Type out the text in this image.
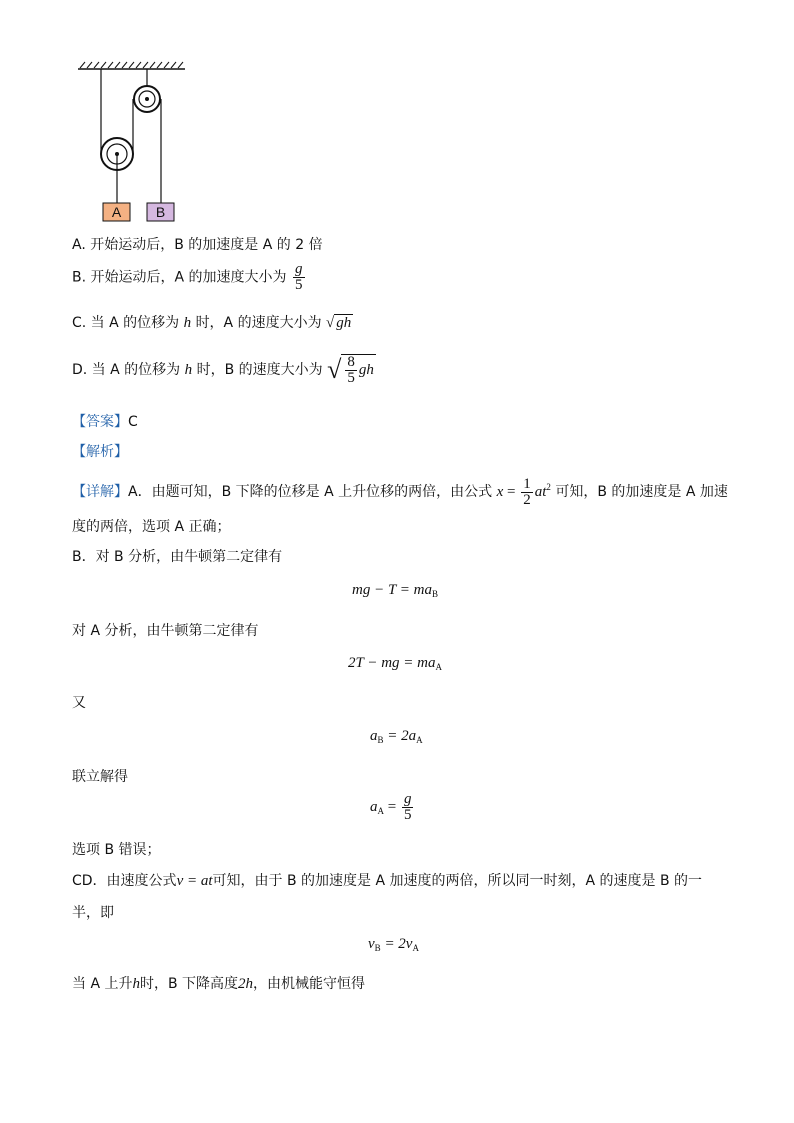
A B
A. 开始运动后，B 的加速度是 A 的 2 倍
B. 开始运动后，A 的加速度大小为 $\frac{g}{5}$
C. 当 A 的位移为 h 时，A 的速度大小为 √ gh
D. 当 A 的位移为 h 时，B 的速度大小为 √ $\frac{8}{5}$ gh
【答案】C
【解析】
【详解】A．由题可知，B 下降的位移是 A 上升位移的两倍，由公式 $x = \frac{1}{2} at^2$ 可知，B 的加速度是 A 加速
度的两倍，选项 A 正确；
B．对 B 分析，由牛顿第二定律有
mg − $T = ma_B$
对 A 分析，由牛顿第二定律有
2T − mg = $ma_A$
又
$a_B = 2a_A$
联立解得
$a_A = \frac{g}{5}$
选项 B 错误；
CD．由速度公式v = at可知，由于 B 的加速度是 A 加速度的两倍，所以同一时刻，A 的速度是 B 的一
半，即
$v_B = 2v_A$
当 A 上升h时，B 下降高度2h，由机械能守恒得
